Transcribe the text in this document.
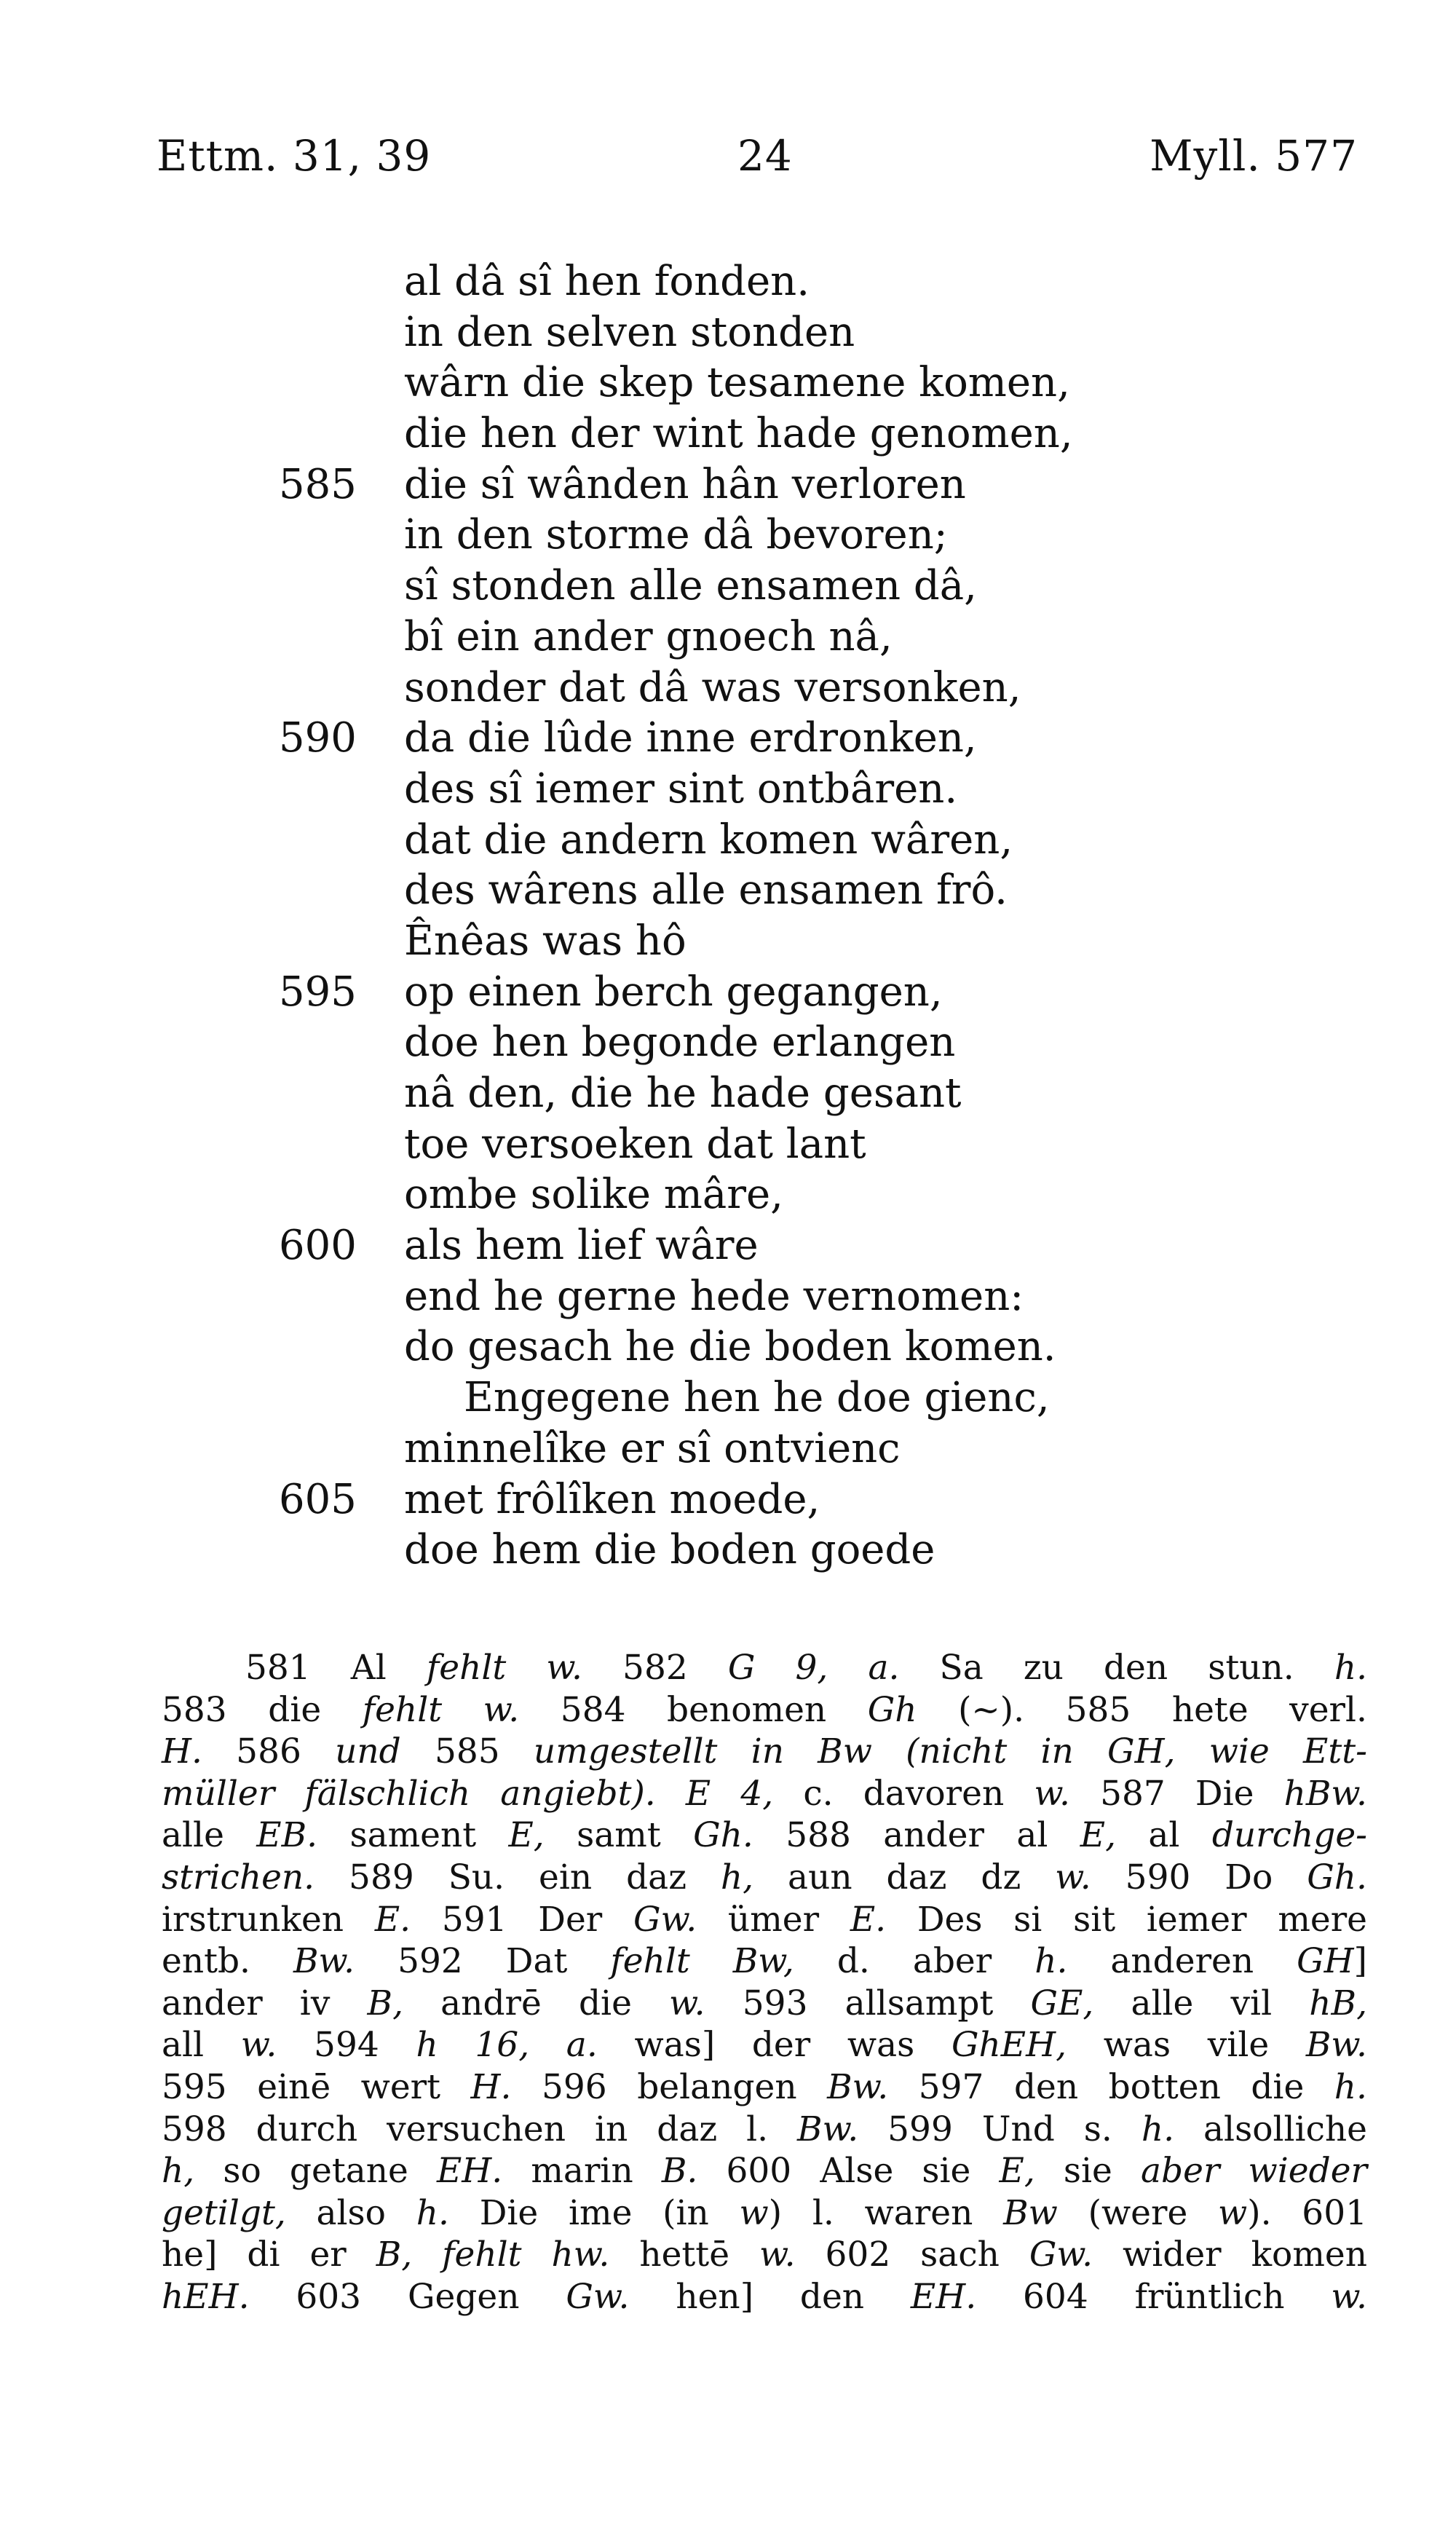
Ettm. 31, 39	24	Myll. 577
al dâ sî hen fonden.
in den selven stonden
wârn die skep tesamene komen,
die hen der wint hade genomen,
585	die sî wânden hân verloren
in den storme dâ bevoren;
sî stonden alle ensamen dâ,
bî ein ander gnoech nâ,
sonder dat dâ was versonken,
590	da die lûde inne erdronken,
des sî iemer sint ontbâren.
dat die andern komen wâren,
des wârens alle ensamen frô.
Ênêas was hô
595	op einen berch gegangen,
doe hen begonde erlangen
nâ den, die he hade gesant
toe versoeken dat lant
ombe solike mâre,
600	als hem lief wâre
end he gerne hede vernomen:
do gesach he die boden komen.
Engegene hen he doe gienc,
minnelîke er sî ontvienc
605	met frôlîken moede,
doe hem die boden goede
581 Al fehlt w. 582 G 9, a. Sa zu den stun. h.
583 die fehlt w. 584 benomen Gh (~). 585 hete verl.
H. 586 und 585 umgestellt in Bw (nicht in GH, wie Ett-
müller fälschlich angiebt). E 4, c. davoren w. 587 Die hBw.
alle EB. sament E, samt Gh. 588 ander al E, al durchge-
strichen. 589 Su. ein daz h, aun daz dz w. 590 Do Gh.
irstrunken E. 591 Der Gw. ümer E. Des si sit iemer mere
entb. Bw. 592 Dat fehlt Bw, d. aber h. anderen GH]
ander iv B, andrē die w. 593 allsampt GE, alle vil hB,
all w. 594 h 16, a. was] der was GhEH, was vile Bw.
595 einē wert H. 596 belangen Bw. 597 den botten die h.
598 durch versuchen in daz l. Bw. 599 Und s. h. alsolliche
h, so getane EH. marin B. 600 Alse sie E, sie aber wieder
getilgt, also h. Die ime (in w) l. waren Bw (were w). 601
he] di er B, fehlt hw. hettē w. 602 sach Gw. wider komen
hEH. 603 Gegen Gw. hen] den EH. 604 früntlich w.
